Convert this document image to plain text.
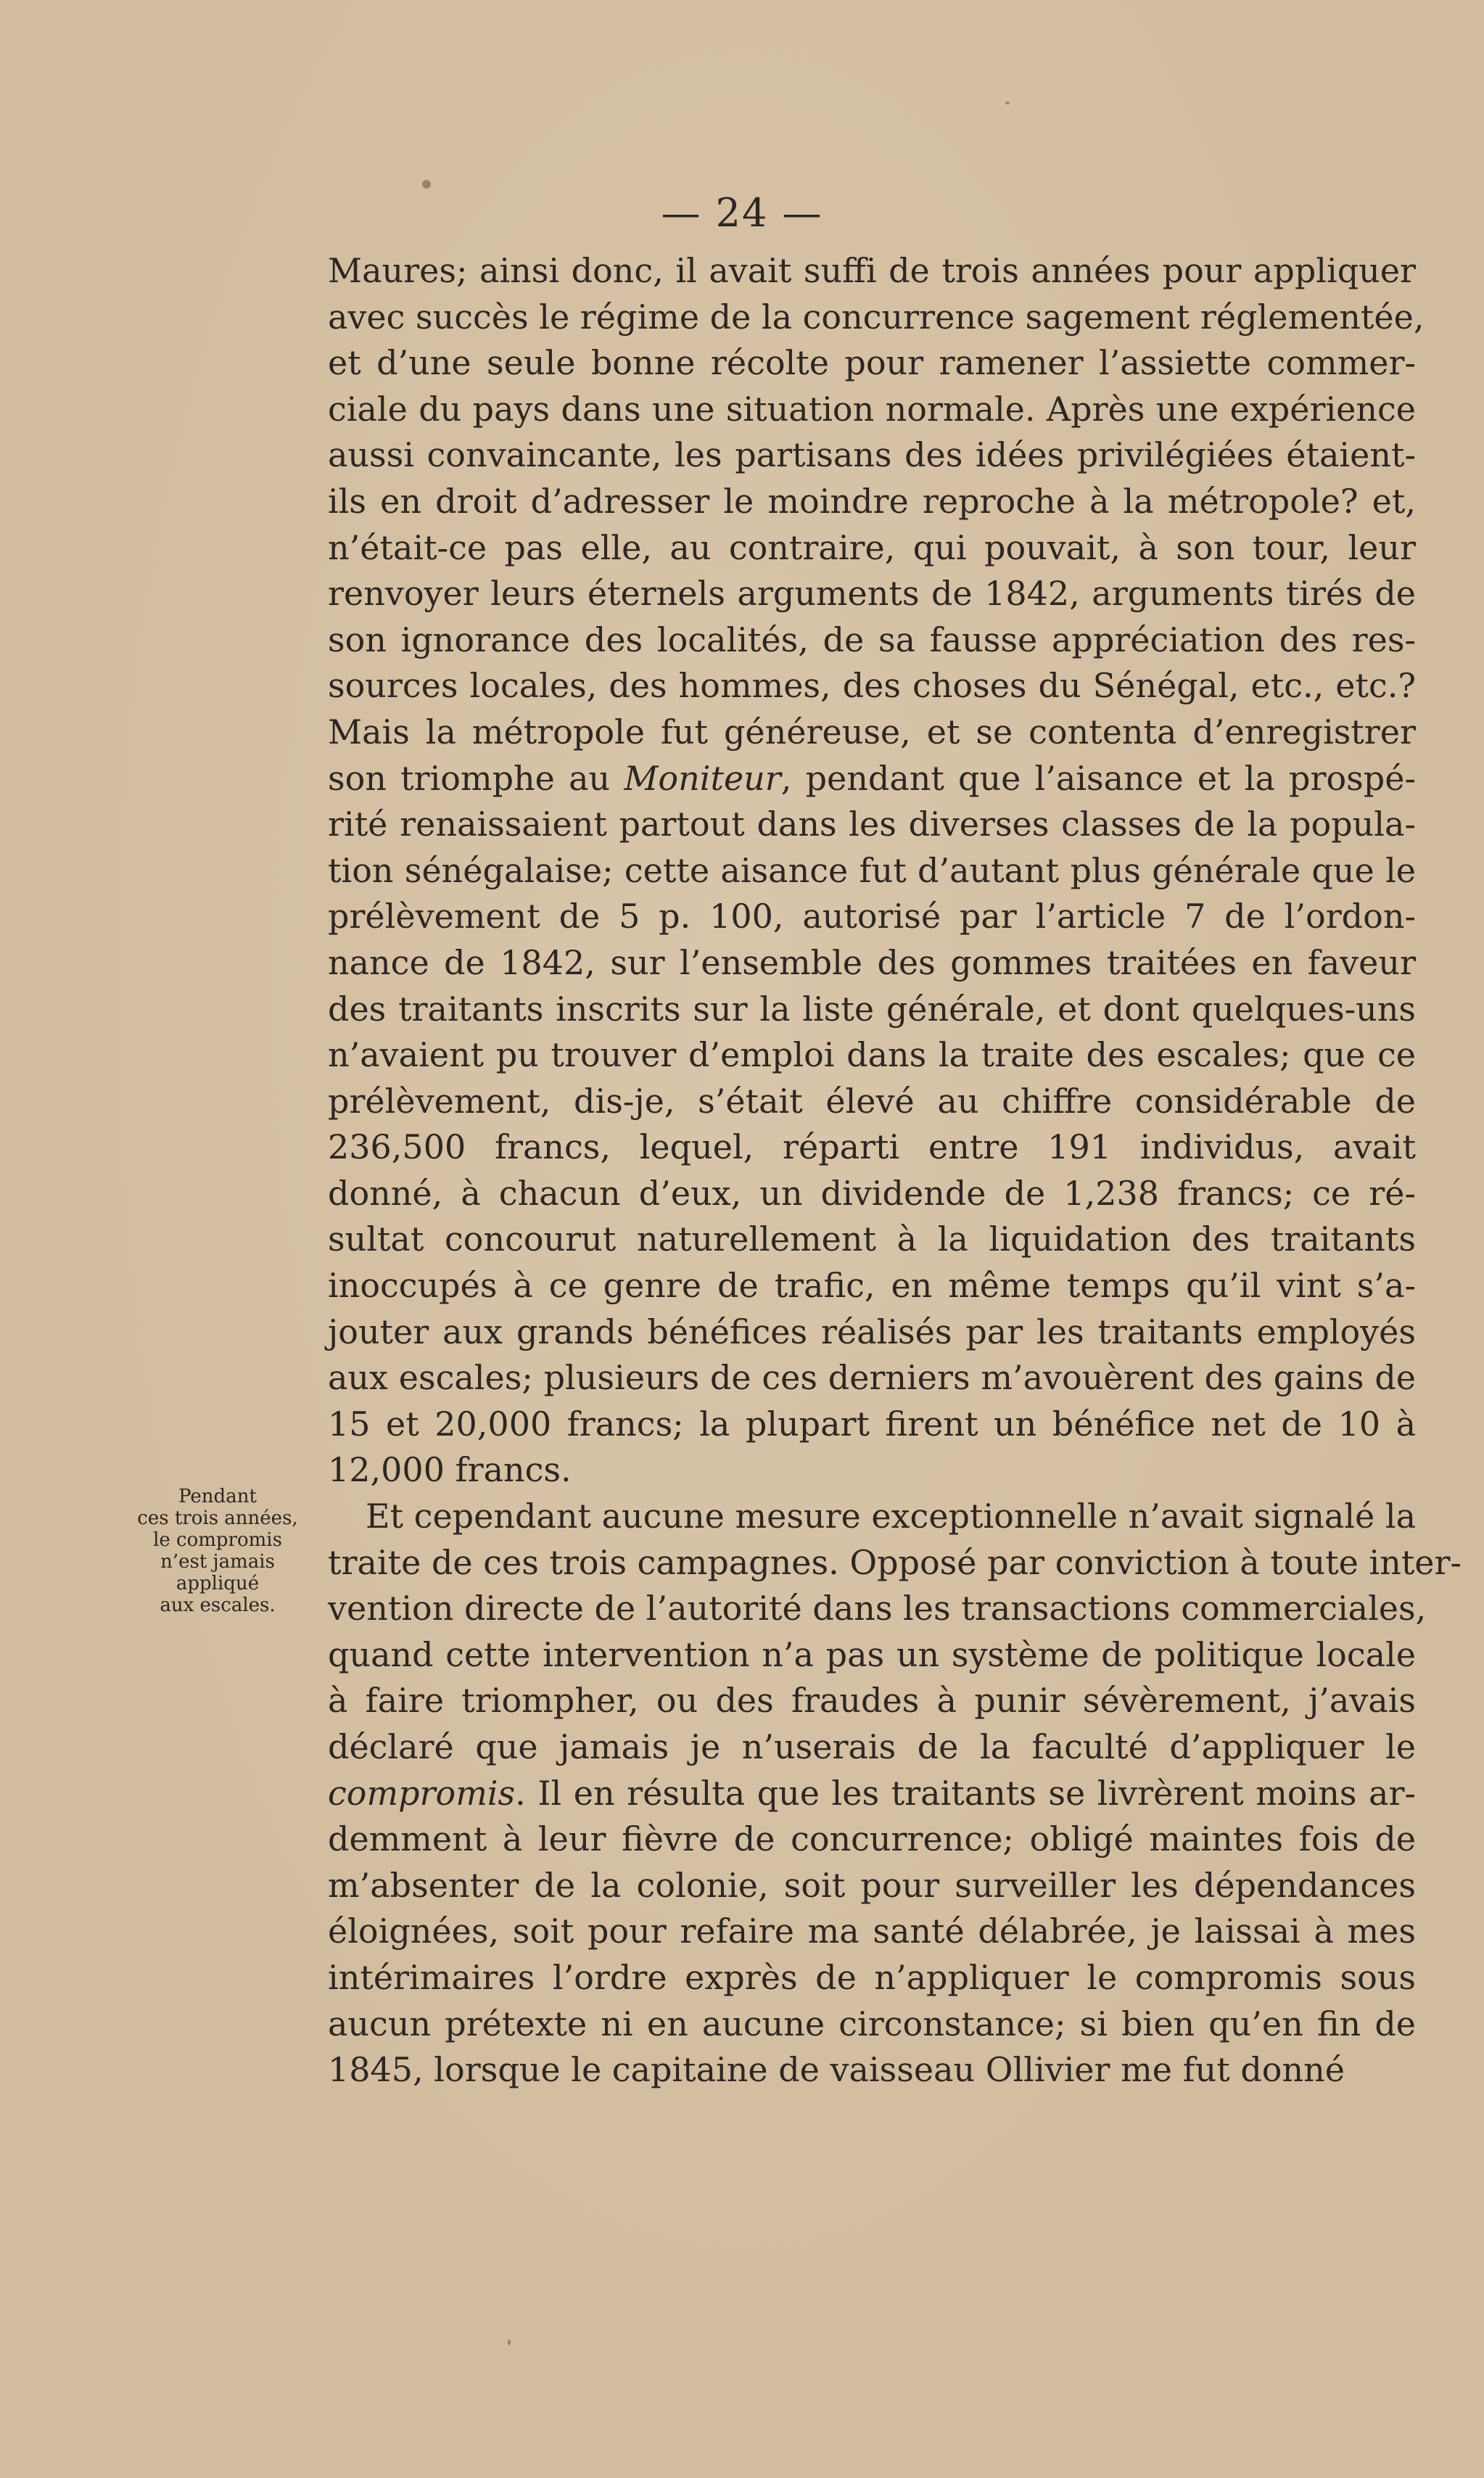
— 24 —
Maures; ainsi donc, il avait suffi de trois années pour appliquer
avec succès le régime de la concurrence sagement réglementée,
et d’une seule bonne récolte pour ramener l’assiette commer-
ciale du pays dans une situation normale. Après une expérience
aussi convaincante, les partisans des idées privilégiées étaient-
ils en droit d’adresser le moindre reproche à la métropole? et,
n’était-ce pas elle, au contraire, qui pouvait, à son tour, leur
renvoyer leurs éternels arguments de 1842, arguments tirés de
son ignorance des localités, de sa fausse appréciation des res-
sources locales, des hommes, des choses du Sénégal, etc., etc.?
Mais la métropole fut généreuse, et se contenta d’enregistrer
son triomphe au Moniteur, pendant que l’aisance et la prospé-
rité renaissaient partout dans les diverses classes de la popula-
tion sénégalaise; cette aisance fut d’autant plus générale que le
prélèvement de 5 p. 100, autorisé par l’article 7 de l’ordon-
nance de 1842, sur l’ensemble des gommes traitées en faveur
des traitants inscrits sur la liste générale, et dont quelques-uns
n’avaient pu trouver d’emploi dans la traite des escales; que ce
prélèvement, dis-je, s’était élevé au chiffre considérable de
236,500 francs, lequel, réparti entre 191 individus, avait
donné, à chacun d’eux, un dividende de 1,238 francs; ce ré-
sultat concourut naturellement à la liquidation des traitants
inoccupés à ce genre de trafic, en même temps qu’il vint s’a-
jouter aux grands bénéfices réalisés par les traitants employés
aux escales; plusieurs de ces derniers m’avouèrent des gains de
15 et 20,000 francs; la plupart firent un bénéfice net de 10 à
12,000 francs.
Et cependant aucune mesure exceptionnelle n’avait signalé la
traite de ces trois campagnes. Opposé par conviction à toute inter-
vention directe de l’autorité dans les transactions commerciales,
quand cette intervention n’a pas un système de politique locale
à faire triompher, ou des fraudes à punir sévèrement, j’avais
déclaré que jamais je n’userais de la faculté d’appliquer le
compromis. Il en résulta que les traitants se livrèrent moins ar-
demment à leur fièvre de concurrence; obligé maintes fois de
m’absenter de la colonie, soit pour surveiller les dépendances
éloignées, soit pour refaire ma santé délabrée, je laissai à mes
intérimaires l’ordre exprès de n’appliquer le compromis sous
aucun prétexte ni en aucune circonstance; si bien qu’en fin de
1845, lorsque le capitaine de vaisseau Ollivier me fut donné
Pendant
ces trois années,
le compromis
n’est jamais
appliqué
aux escales.
